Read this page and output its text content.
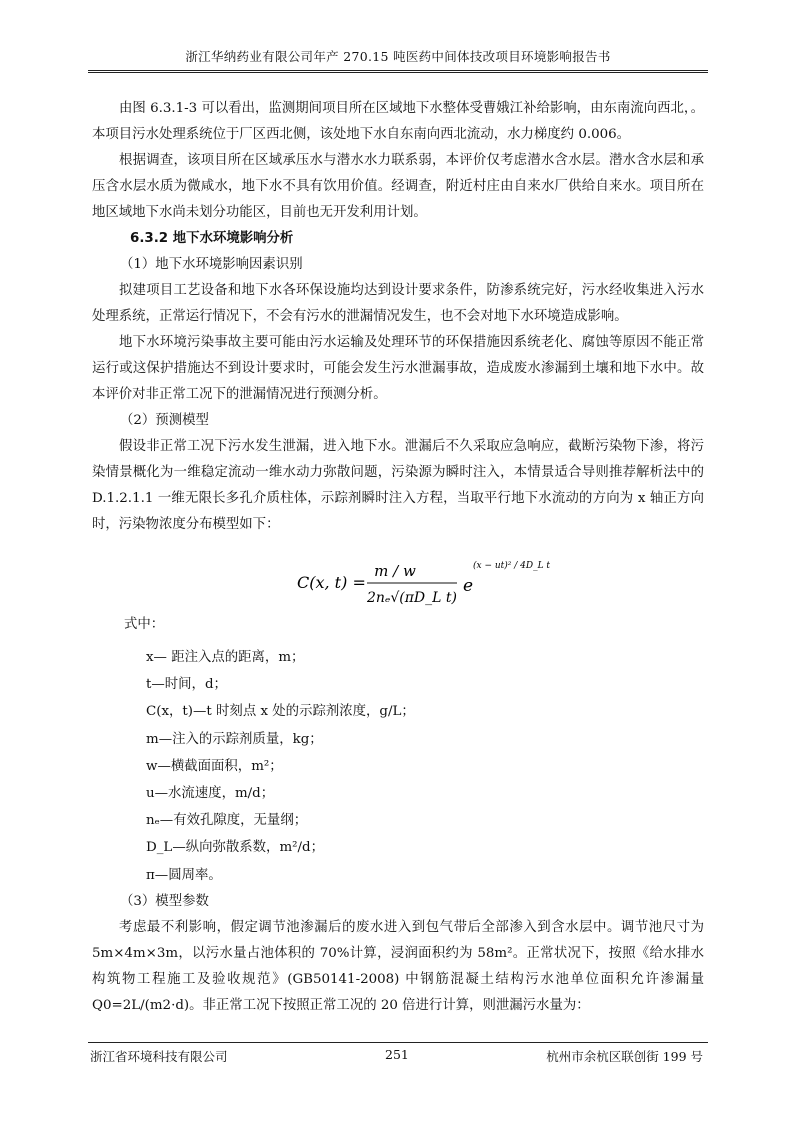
浙江华纳药业有限公司年产 270.15 吨医药中间体技改项目环境影响报告书

由图 6.3.1-3 可以看出，监测期间项目所在区域地下水整体受曹娥江补给影响，由东南流向西北，。本项目污水处理系统位于厂区西北侧，该处地下水自东南向西北流动，水力梯度约 0.006。

根据调查，该项目所在区域承压水与潜水水力联系弱，本评价仅考虑潜水含水层。潜水含水层和承压含水层水质为微咸水，地下水不具有饮用价值。经调查，附近村庄由自来水厂供给自来水。项目所在地区域地下水尚未划分功能区，目前也无开发利用计划。

6.3.2 地下水环境影响分析

（1）地下水环境影响因素识别

拟建项目工艺设备和地下水各环保设施均达到设计要求条件，防渗系统完好，污水经收集进入污水处理系统，正常运行情况下，不会有污水的泄漏情况发生，也不会对地下水环境造成影响。

地下水环境污染事故主要可能由污水运输及处理环节的环保措施因系统老化、腐蚀等原因不能正常运行或这保护措施达不到设计要求时，可能会发生污水泄漏事故，造成废水渗漏到土壤和地下水中。故本评价对非正常工况下的泄漏情况进行预测分析。

（2）预测模型

假设非正常工况下污水发生泄漏，进入地下水。泄漏后不久采取应急响应，截断污染物下渗，将污染情景概化为一维稳定流动一维水动力弥散问题，污染源为瞬时注入，本情景适合导则推荐解析法中的 D.1.2.1.1 一维无限长多孔介质柱体，示踪剂瞬时注入方程，当取平行地下水流动的方向为 x 轴正方向时，污染物浓度分布模型如下：

C(x, t) =
m / w
2nₑ√(πD_L t)
e
(x − ut)² / 4D_L t

式中：

x— 距注入点的距离，m；

t—时间，d；

C(x，t)—t 时刻点 x 处的示踪剂浓度，g/L；

m—注入的示踪剂质量，kg；

w—横截面面积，m²；

u—水流速度，m/d；

nₑ—有效孔隙度，无量纲；

D_L—纵向弥散系数，m²/d；

π—圆周率。

（3）模型参数

考虑最不利影响，假定调节池渗漏后的废水进入到包气带后全部渗入到含水层中。调节池尺寸为 5m×4m×3m，以污水量占池体积的 70%计算，浸润面积约为 58m²。正常状况下，按照《给水排水构筑物工程施工及验收规范》(GB50141-2008) 中钢筋混凝土结构污水池单位面积允许渗漏量 Q0=2L/(m2·d)。非正常工况下按照正常工况的 20 倍进行计算，则泄漏污水量为：

浙江省环境科技有限公司	251	杭州市余杭区联创街 199 号
